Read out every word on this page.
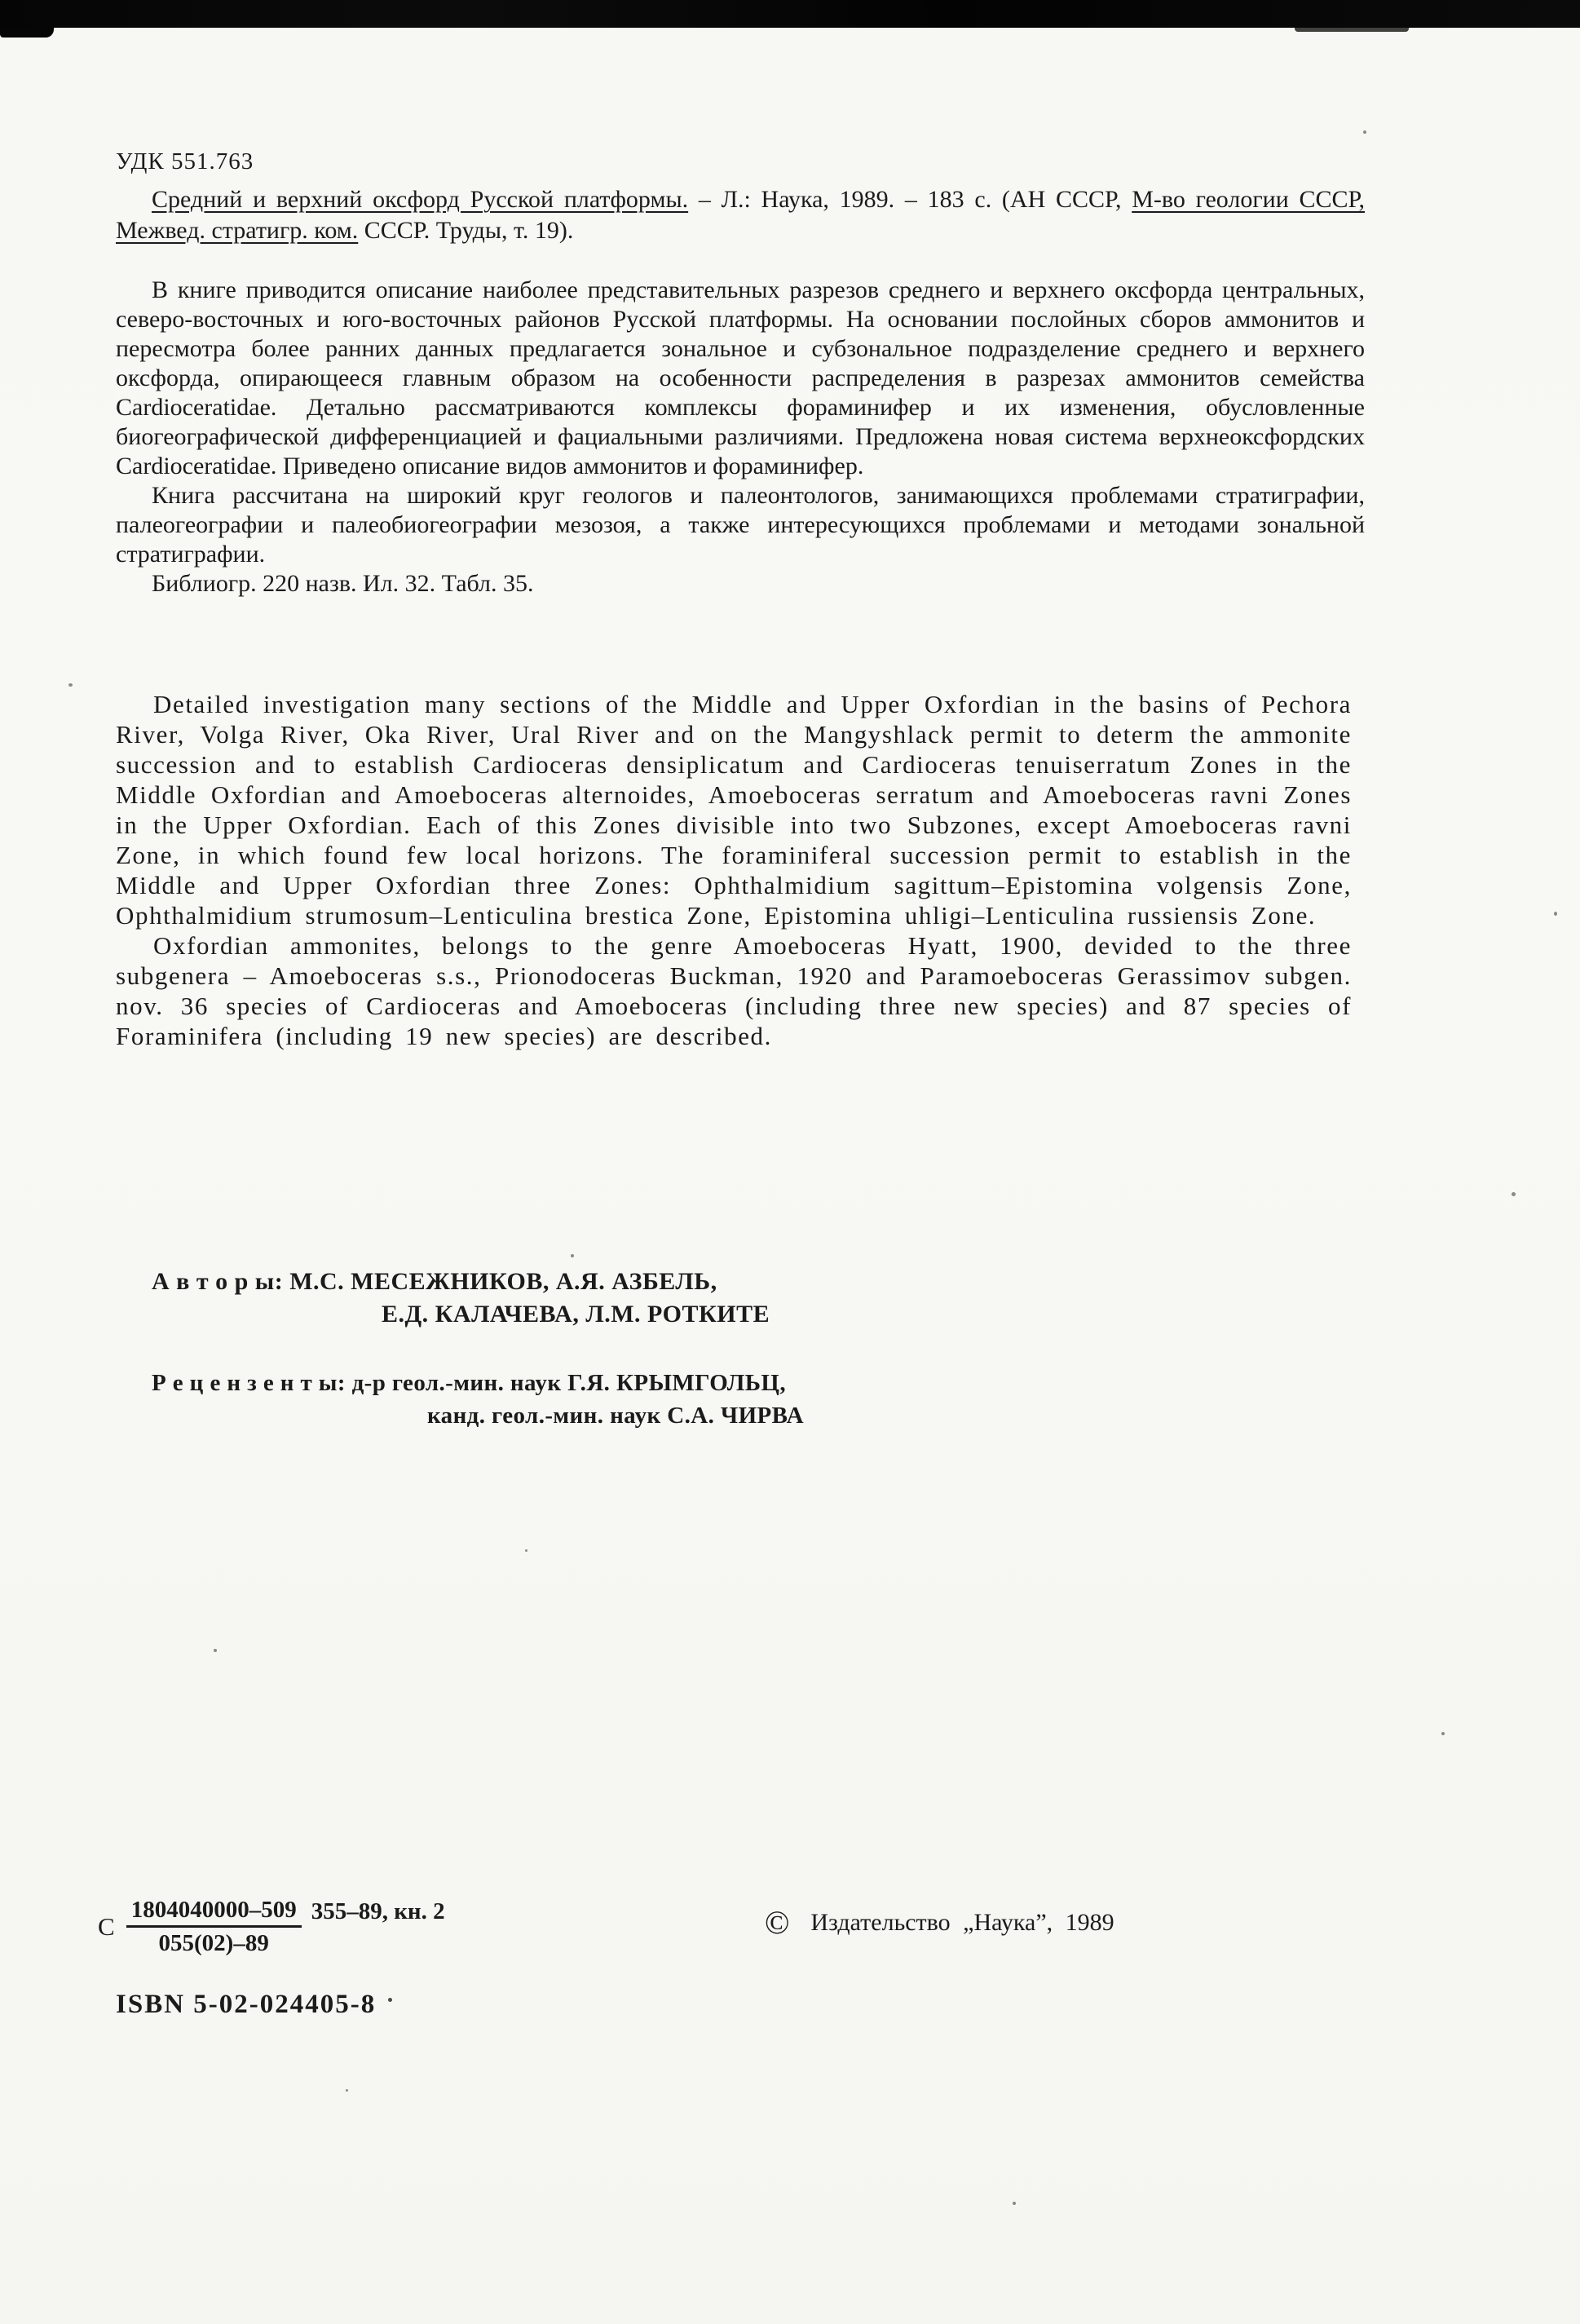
УДК 551.763

Средний и верхний оксфорд Русской платформы. – Л.: Наука, 1989. – 183 с. (АН СССР, М-во геологии СССР, Межвед. стратигр. ком. СССР. Труды, т. 19).

В книге приводится описание наиболее представительных разрезов среднего и верхнего оксфорда центральных, северо-восточных и юго-восточных районов Русской платформы. На основании послойных сборов аммонитов и пересмотра более ранних данных предлагается зональное и субзональное подразделение среднего и верхнего оксфорда, опирающееся главным образом на особенности распределения в разрезах аммонитов семейства Cardioceratidae. Детально рассматриваются комплексы фораминифер и их изменения, обусловленные биогеографической дифференциацией и фациальными различиями. Предложена новая система верхнеоксфордских Cardioceratidae. Приведено описание видов аммонитов и фораминифер.

Книга рассчитана на широкий круг геологов и палеонтологов, занимающихся проблемами стратиграфии, палеогеографии и палеобиогеографии мезозоя, а также интересующихся проблемами и методами зональной стратиграфии.

Библиогр. 220 назв. Ил. 32. Табл. 35.

Detailed investigation many sections of the Middle and Upper Oxfordian in the basins of Pechora River, Volga River, Oka River, Ural River and on the Mangyshlack permit to determ the ammonite succession and to establish Cardioceras densiplicatum and Cardioceras tenuiserratum Zones in the Middle Oxfordian and Amoeboceras alternoides, Amoeboceras serratum and Amoeboceras ravni Zones in the Upper Oxfordian. Each of this Zones divisible into two Subzones, except Amoeboceras ravni Zone, in which found few local horizons. The foraminiferal succession permit to establish in the Middle and Upper Oxfordian three Zones: Ophthalmidium sagittum–Epistomina volgensis Zone, Ophthalmidium strumosum–Lenticulina brestica Zone, Epistomina uhligi–Lenticulina russiensis Zone.

Oxfordian ammonites, belongs to the genre Amoeboceras Hyatt, 1900, devided to the three subgenera – Amoeboceras s.s., Prionodoceras Buckman, 1920 and Paramoeboceras Gerassimov subgen. nov. 36 species of Cardioceras and Amoeboceras (including three new species) and 87 species of Foraminifera (including 19 new species) are described.

А в т о р ы: М.С. МЕСЕЖНИКОВ, А.Я. АЗБЕЛЬ,
Е.Д. КАЛАЧЕВА, Л.М. РОТКИТЕ
Р е ц е н з е н т ы: д-р геол.-мин. наук Г.Я. КРЫМГОЛЬЦ,
канд. геол.-мин. наук С.А. ЧИРВА
С $\frac{1804040000-509}{055(02)-89} 355-89$, кн. 2	© Издательство „Наука”, 1989
ISBN 5-02-024405-8
